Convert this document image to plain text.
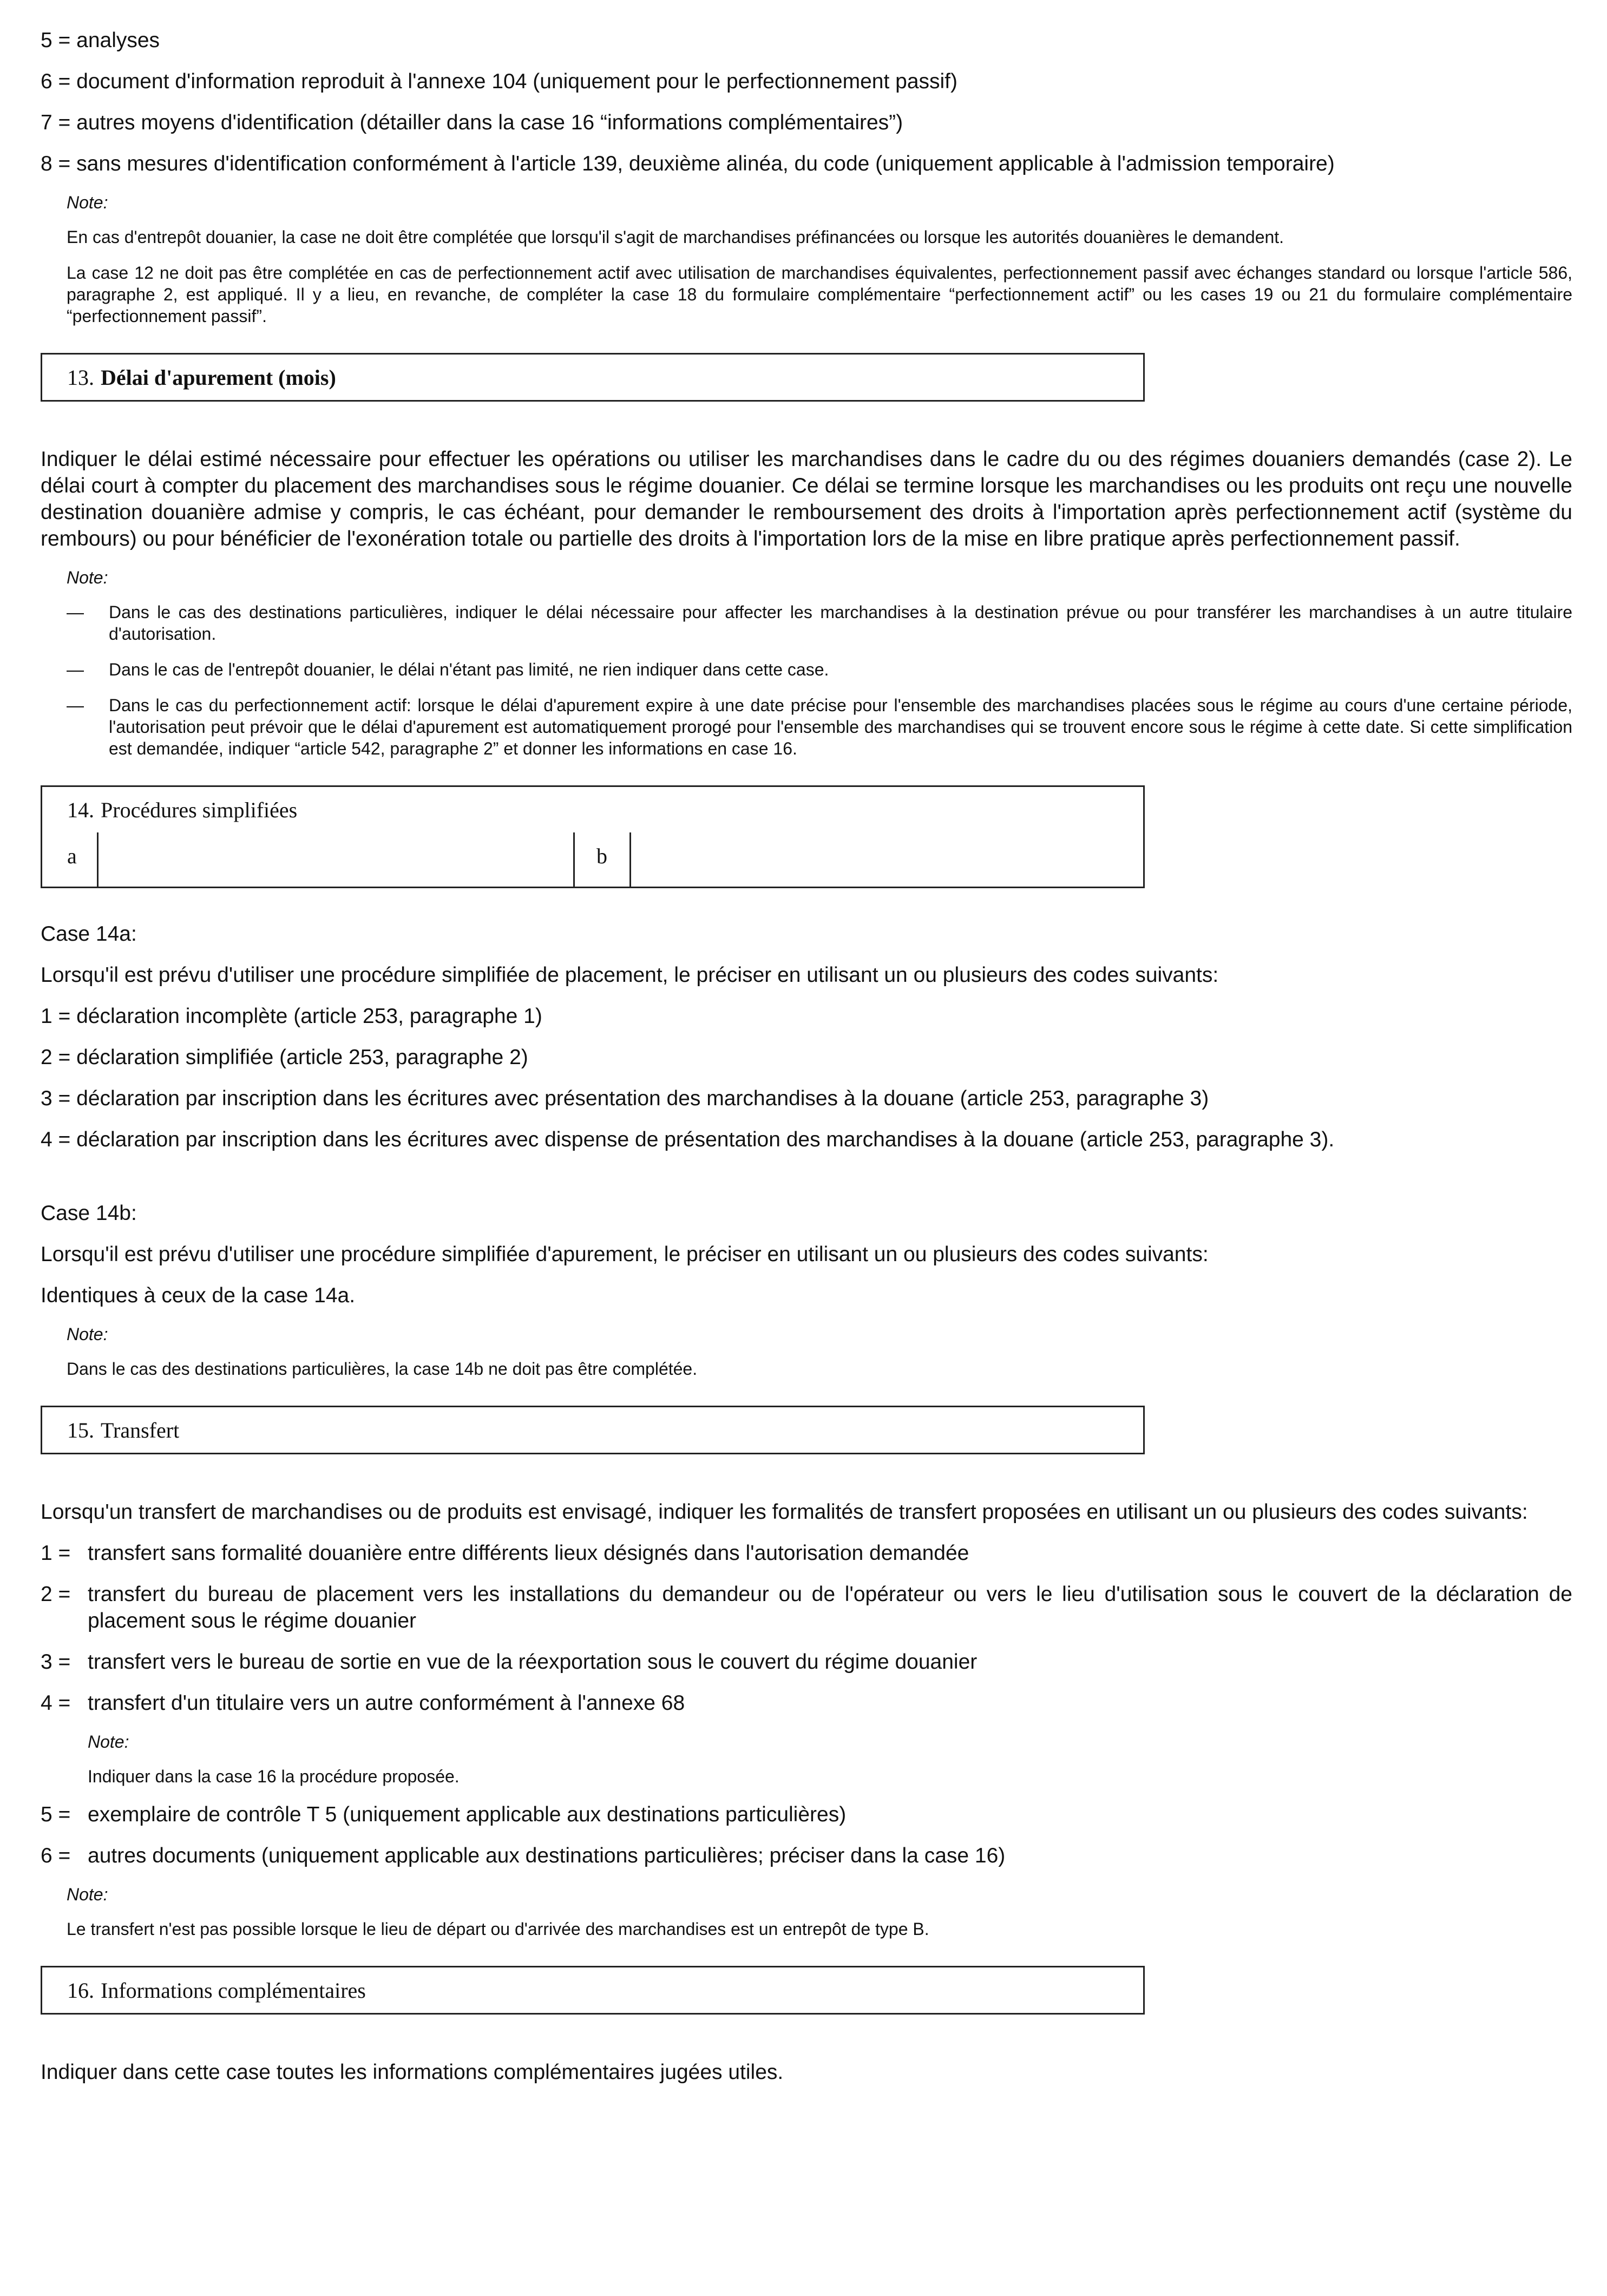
5 = analyses

6 = document d'information reproduit à l'annexe 104 (uniquement pour le perfectionnement passif)

7 = autres moyens d'identification (détailler dans la case 16 “informations complémentaires”)

8 = sans mesures d'identification conformément à l'article 139, deuxième alinéa, du code (uniquement applicable à l'admission temporaire)

Note:

En cas d'entrepôt douanier, la case ne doit être complétée que lorsqu'il s'agit de marchandises préfinancées ou lorsque les autorités douanières le demandent.

La case 12 ne doit pas être complétée en cas de perfectionnement actif avec utilisation de marchandises équivalentes, perfectionnement passif avec échanges standard ou lorsque l'article 586, paragraphe 2, est appliqué. Il y a lieu, en revanche, de compléter la case 18 du formulaire complémentaire “perfectionnement actif” ou les cases 19 ou 21 du formulaire complémentaire “perfectionnement passif”.

13. Délai d'apurement (mois)

Indiquer le délai estimé nécessaire pour effectuer les opérations ou utiliser les marchandises dans le cadre du ou des régimes douaniers demandés (case 2). Le délai court à compter du placement des marchandises sous le régime douanier. Ce délai se termine lorsque les marchandises ou les produits ont reçu une nouvelle destination douanière admise y compris, le cas échéant, pour demander le remboursement des droits à l'importation après perfectionnement actif (système du rembours) ou pour bénéficier de l'exonération totale ou partielle des droits à l'importation lors de la mise en libre pratique après perfectionnement passif.

Note:

—	Dans le cas des destinations particulières, indiquer le délai nécessaire pour affecter les marchandises à la destination prévue ou pour transférer les marchandises à un autre titulaire d'autorisation.
—	Dans le cas de l'entrepôt douanier, le délai n'étant pas limité, ne rien indiquer dans cette case.
—	Dans le cas du perfectionnement actif: lorsque le délai d'apurement expire à une date précise pour l'ensemble des marchandises placées sous le régime au cours d'une certaine période, l'autorisation peut prévoir que le délai d'apurement est automatiquement prorogé pour l'ensemble des marchandises qui se trouvent encore sous le régime à cette date. Si cette simplification est demandée, indiquer “article 542, paragraphe 2” et donner les informations en case 16.
14. Procédures simplifiées
a	b

Case 14a:

Lorsqu'il est prévu d'utiliser une procédure simplifiée de placement, le préciser en utilisant un ou plusieurs des codes suivants:

1 = déclaration incomplète (article 253, paragraphe 1)

2 = déclaration simplifiée (article 253, paragraphe 2)

3 = déclaration par inscription dans les écritures avec présentation des marchandises à la douane (article 253, paragraphe 3)

4 = déclaration par inscription dans les écritures avec dispense de présentation des marchandises à la douane (article 253, paragraphe 3).

Case 14b:

Lorsqu'il est prévu d'utiliser une procédure simplifiée d'apurement, le préciser en utilisant un ou plusieurs des codes suivants:

Identiques à ceux de la case 14a.

Note:

Dans le cas des destinations particulières, la case 14b ne doit pas être complétée.

15. Transfert

Lorsqu'un transfert de marchandises ou de produits est envisagé, indiquer les formalités de transfert proposées en utilisant un ou plusieurs des codes suivants:

1 = transfert sans formalité douanière entre différents lieux désignés dans l'autorisation demandée
2 = transfert du bureau de placement vers les installations du demandeur ou de l'opérateur ou vers le lieu d'utilisation sous le couvert de la déclaration de placement sous le régime douanier
3 = transfert vers le bureau de sortie en vue de la réexportation sous le couvert du régime douanier
4 = transfert d'un titulaire vers un autre conformément à l'annexe 68

Note:

Indiquer dans la case 16 la procédure proposée.

5 = exemplaire de contrôle T 5 (uniquement applicable aux destinations particulières)
6 = autres documents (uniquement applicable aux destinations particulières; préciser dans la case 16)

Note:

Le transfert n'est pas possible lorsque le lieu de départ ou d'arrivée des marchandises est un entrepôt de type B.

16. Informations complémentaires

Indiquer dans cette case toutes les informations complémentaires jugées utiles.
